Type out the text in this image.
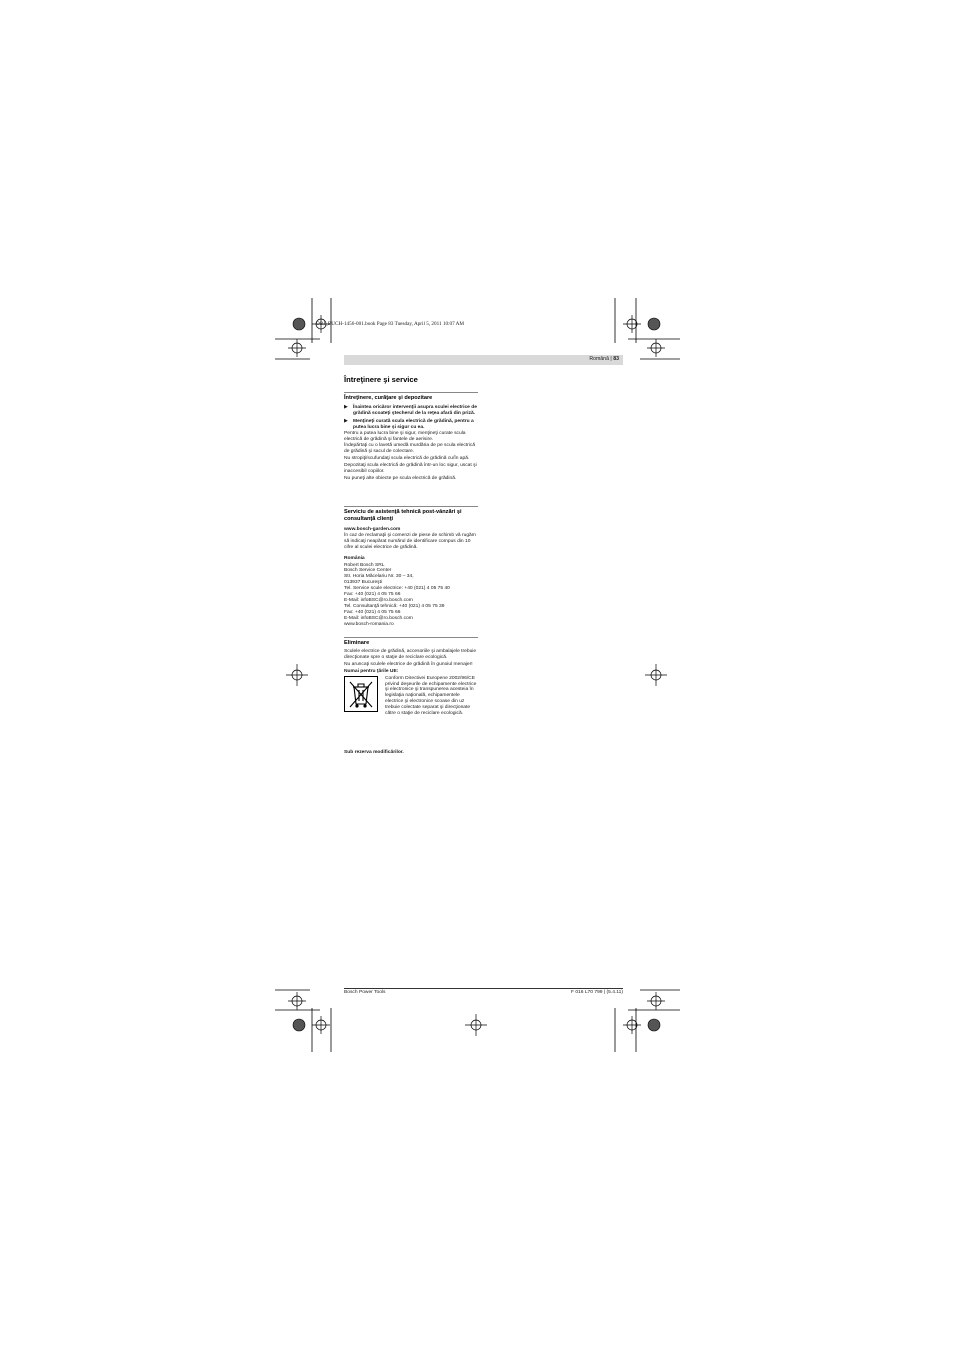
OBJ_BUCH-1456-001.book Page 83 Tuesday, April 5, 2011 10:07 AM
Română | 83
Întreţinere şi service
Întreţinere, curăţare şi depozitare
▶ Înaintea oricăror intervenţii asupra sculei electrice de grădină scoateţi ştecherul de la reţea afară din priză.
▶ Menţineţi curată scula electrică de grădină, pentru a putea lucra bine şi sigur cu ea.

Pentru a putea lucra bine şi sigur, menţineţi curate scula electrică de grădină şi fantele de aerisire.

Îndepărtaţi cu o lavetă umedă murdăria de pe scula electrică de grădină şi sacul de colectare.

Nu stropiţi/scufundaţi scula electrică de grădină cu/în apă.

Depozitaţi scula electrică de grădină într-un loc sigur, uscat şi inaccesibil copiilor.

Nu puneţi alte obiecte pe scula electrică de grădină.

Serviciu de asistenţă tehnică post-vânzări şi consultanţă clienţi
www.bosch-garden.com

În caz de reclamaţii şi comenzi de piese de schimb vă rugăm să indicaţi neapărat numărul de identificare compus din 10 cifre al sculei electrice de grădină.

România
Robert Bosch SRL
Bosch Service Center
Str. Horia Măcelariu Nr. 30 – 34,
013937 Bucureşti
Tel. Service scule electrice: +40 (021) 4 05 75 40
Fax: +40 (021) 4 05 75 66
E-Mail: infoBSC@ro.bosch.com
Tel. Consultanţă tehnică: +40 (021) 4 05 75 39
Fax: +40 (021) 4 05 75 66
E-Mail: infoBSC@ro.bosch.com
www.bosch-romania.ro
Eliminare

Sculele electrice de grădină, accesoriile şi ambalajele trebuie direcţionate spre o staţie de reciclare ecologică.

Nu aruncaţi sculele electrice de grădină în gunoiul menajer!

Numai pentru ţările UE:

Conform Directivei Europene 2002/96/CE privind deşeurile de echipamente electrice şi electronice şi transpunerea acesteia în legislaţia naţională, echipamentele electrice şi electronice scoase din uz trebuie colectate separat şi direcţionate către o staţie de reciclare ecologică.

Sub rezerva modificărilor.
Bosch Power Tools	F 016 L70 799 | (5.4.11)
